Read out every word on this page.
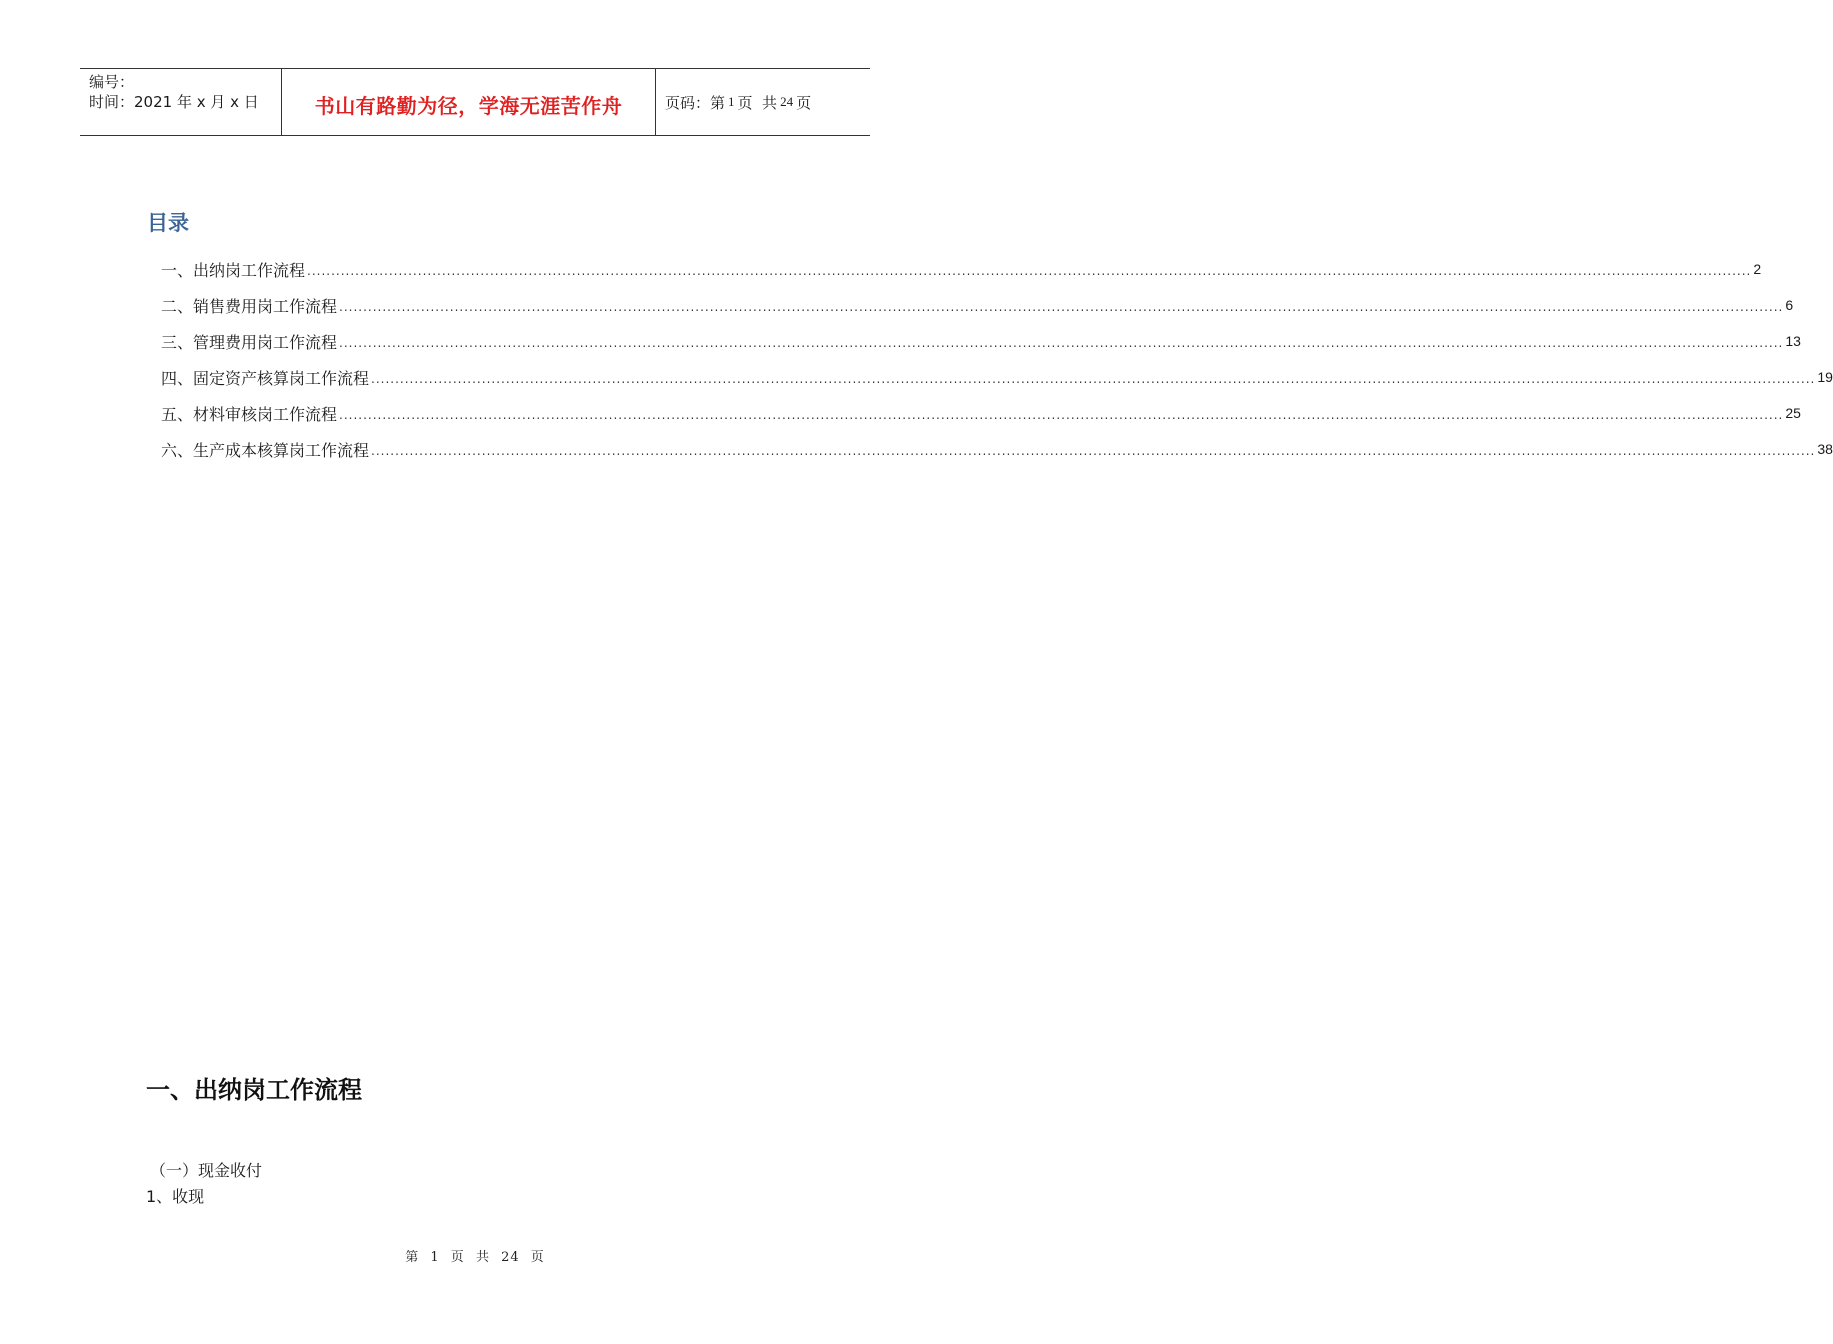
编号：
时间：2021 年 x 月 x 日	书山有路勤为径，学海无涯苦作舟	页码：第 1 页  共 24 页
目录
一、出纳岗工作流程 ............................................................................................................................................................................................................................................................................................................ 2
二、销售费用岗工作流程 ............................................................................................................................................................................................................................................................................................................ 6
三、管理费用岗工作流程 ............................................................................................................................................................................................................................................................................................................ 13
四、固定资产核算岗工作流程 ............................................................................................................................................................................................................................................................................................................ 19
五、材料审核岗工作流程 ............................................................................................................................................................................................................................................................................................................ 25
六、生产成本核算岗工作流程 ............................................................................................................................................................................................................................................................................................................ 38
一、出纳岗工作流程
（一）现金收付
1、收现
第 1 页 共 24 页
